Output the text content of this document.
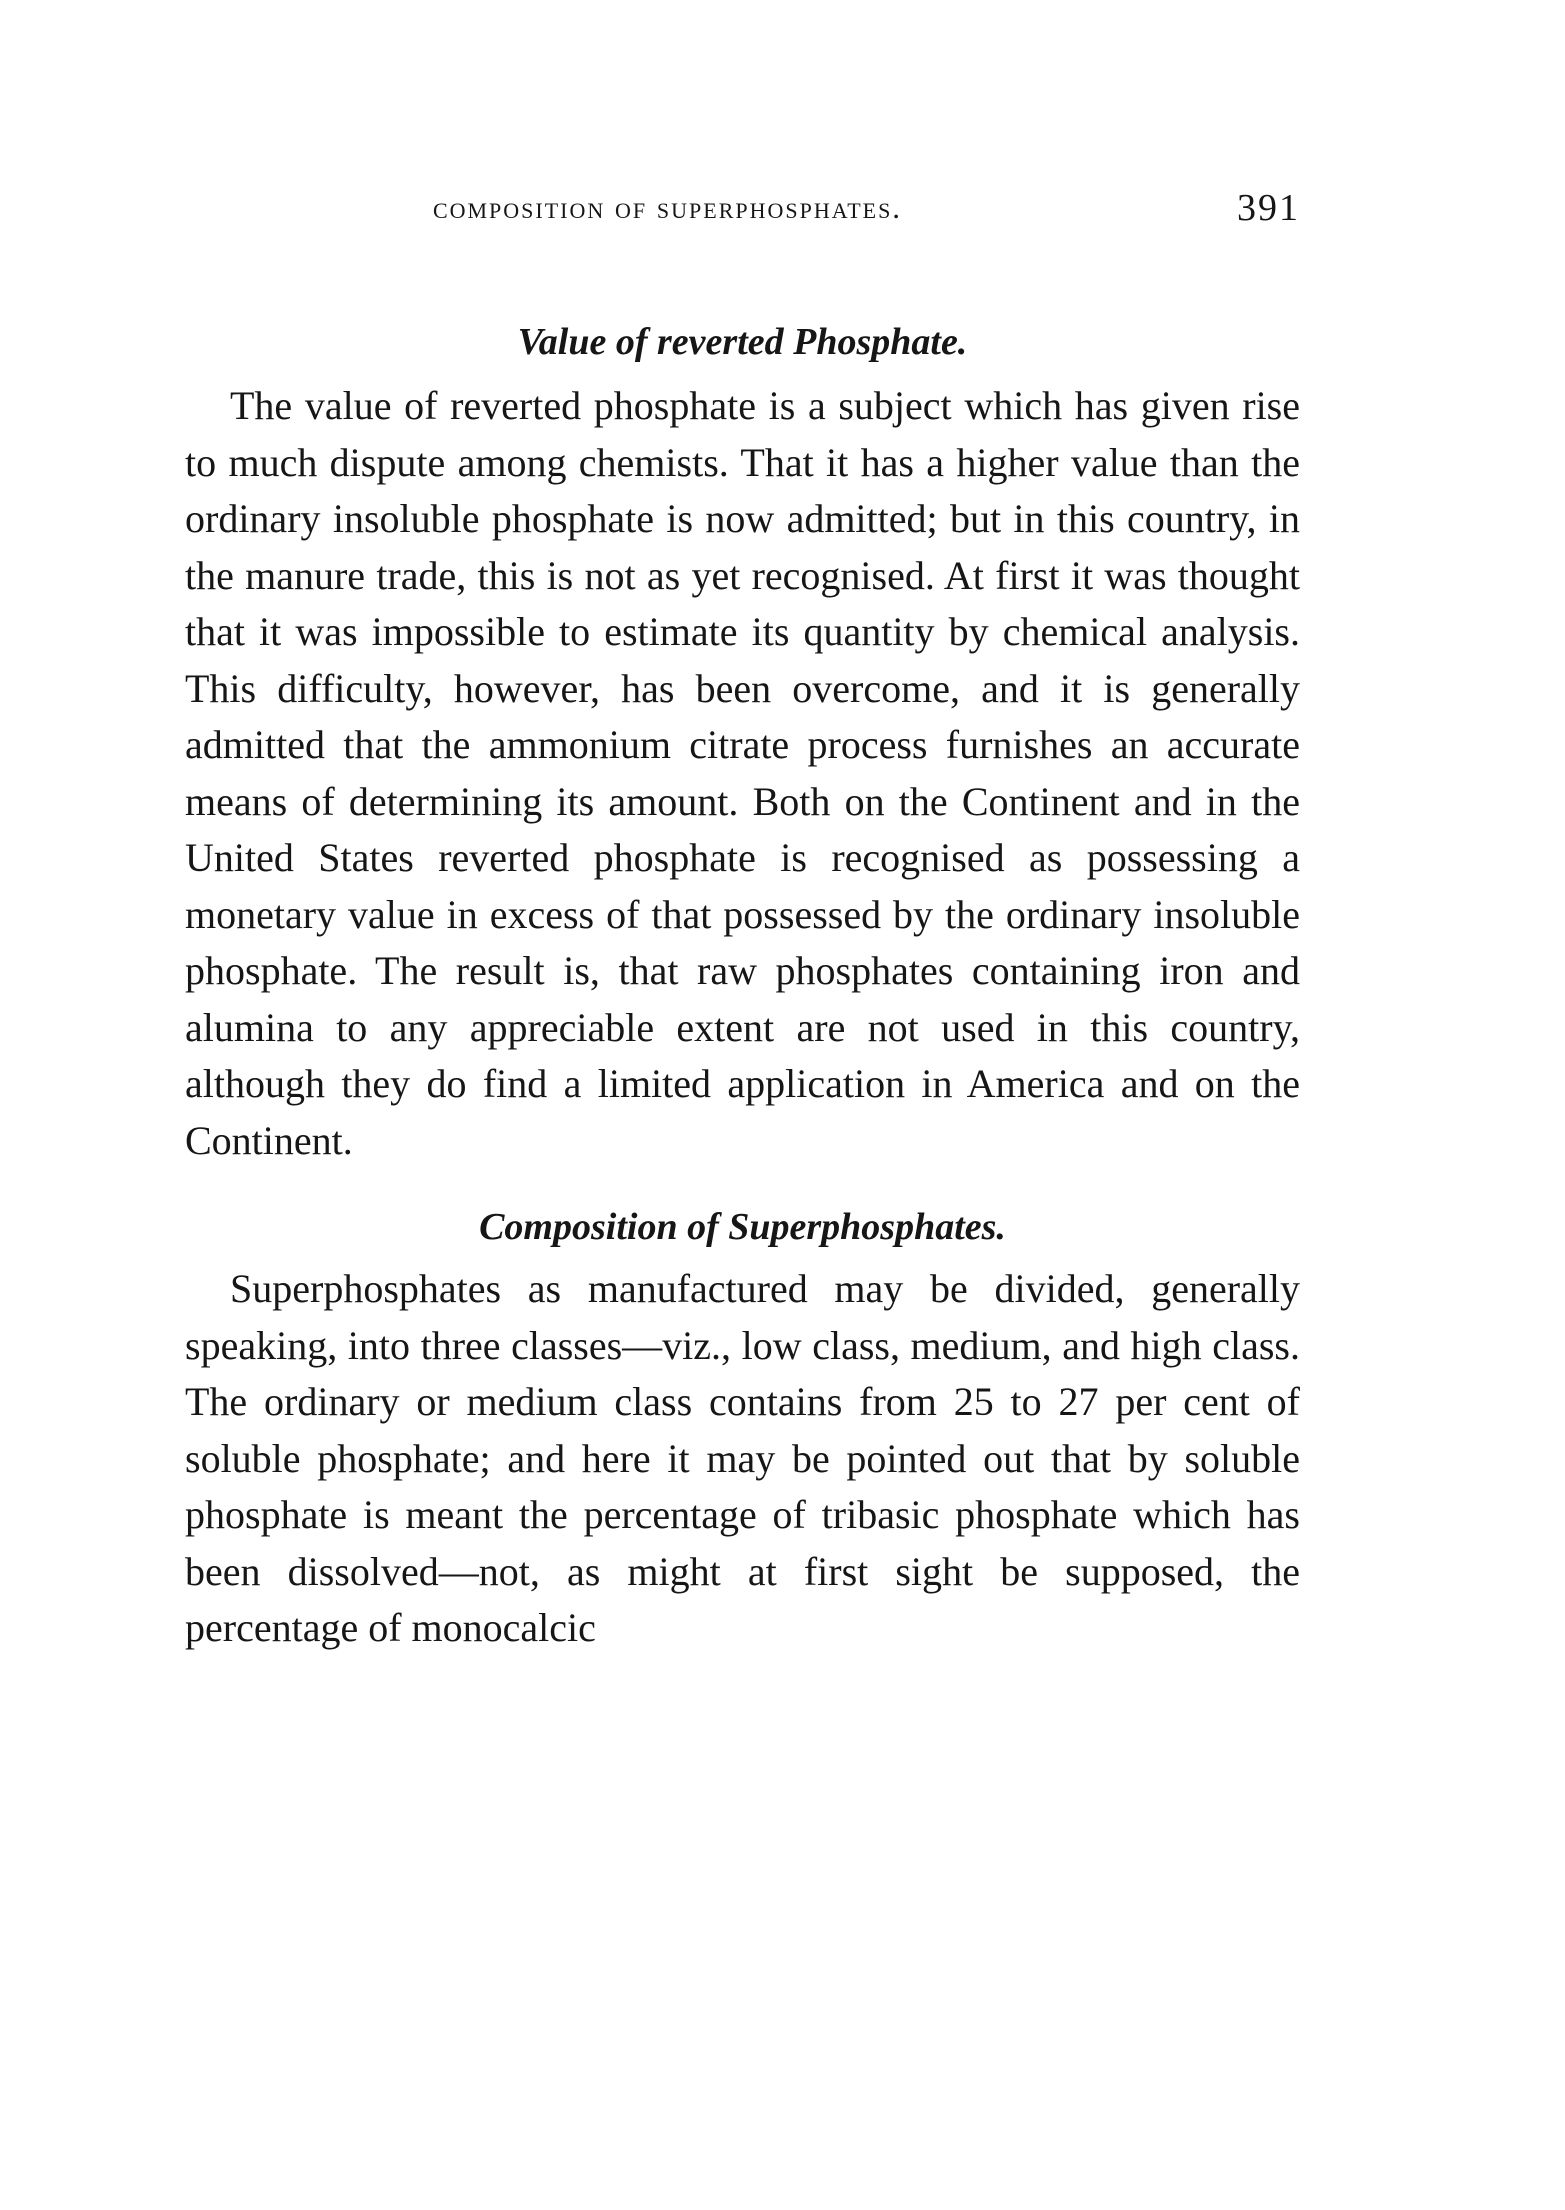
composition of superphosphates.	391
Value of reverted Phosphate.

The value of reverted phosphate is a subject which has given rise to much dispute among chemists. That it has a higher value than the ordinary insoluble phosphate is now admitted; but in this country, in the manure trade, this is not as yet recognised. At first it was thought that it was impossible to estimate its quantity by chemical analysis. This difficulty, however, has been overcome, and it is generally admitted that the ammonium citrate process furnishes an accurate means of determining its amount. Both on the Continent and in the United States reverted phosphate is recognised as possessing a monetary value in excess of that possessed by the ordinary insoluble phosphate. The result is, that raw phosphates containing iron and alumina to any appreciable extent are not used in this country, although they do find a limited application in America and on the Continent.

Composition of Superphosphates.

Superphosphates as manufactured may be divided, generally speaking, into three classes—viz., low class, medium, and high class. The ordinary or medium class contains from 25 to 27 per cent of soluble phosphate; and here it may be pointed out that by soluble phosphate is meant the percentage of tribasic phosphate which has been dissolved—not, as might at first sight be supposed, the percentage of monocalcic
